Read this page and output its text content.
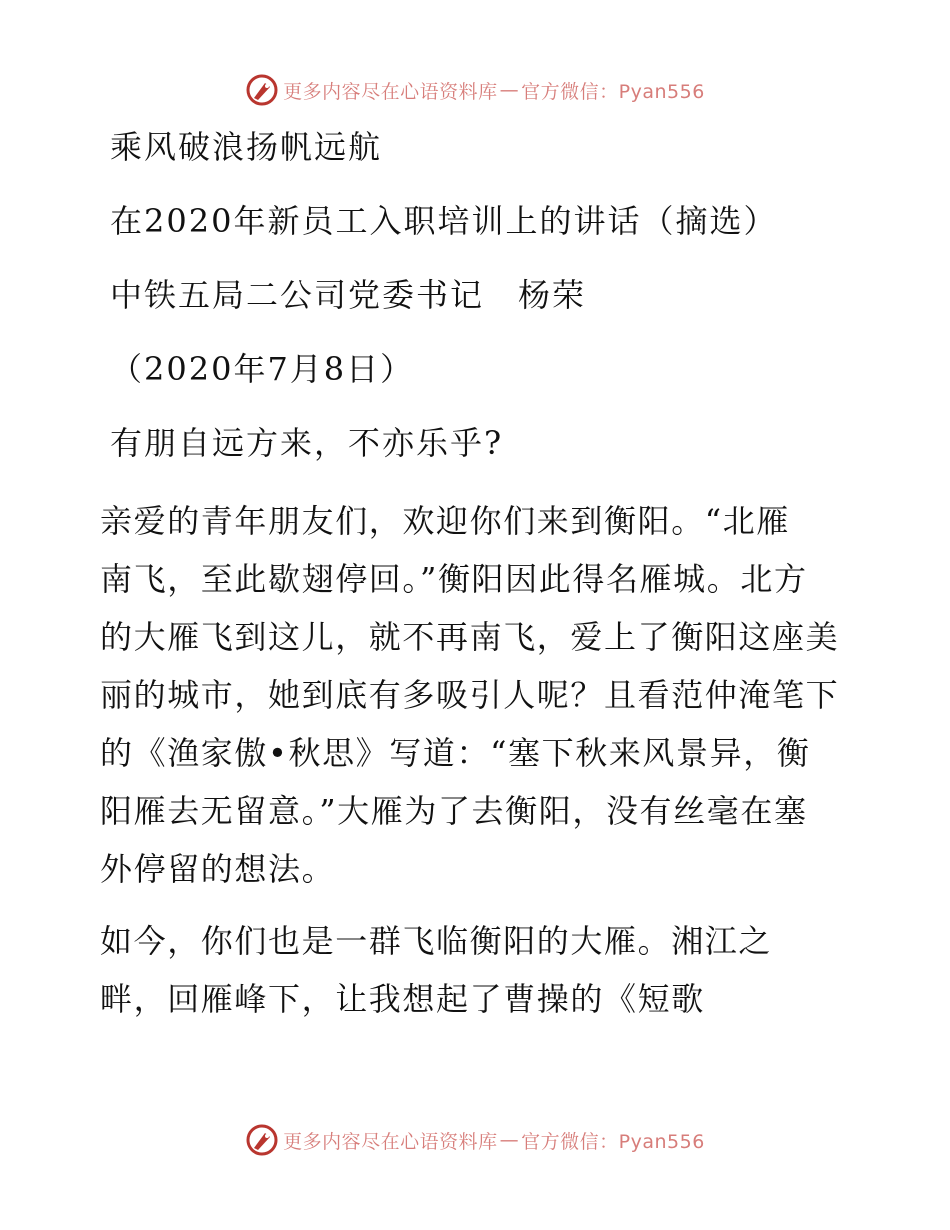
更多内容尽在心语资料库 — 官方微信：Pyan556
乘风破浪扬帆远航
在2020年新员工入职培训上的讲话（摘选）
中铁五局二公司党委书记　杨荣
（2020年7月8日）
有朋自远方来，不亦乐乎?
亲爱的青年朋友们，欢迎你们来到衡阳。“北雁
南飞，至此歇翅停回。”衡阳因此得名雁城。北方
的大雁飞到这儿，就不再南飞，爱上了衡阳这座美
丽的城市，她到底有多吸引人呢？且看范仲淹笔下
的《渔家傲•秋思》写道：“塞下秋来风景异，衡
阳雁去无留意。”大雁为了去衡阳，没有丝毫在塞
外停留的想法。
如今，你们也是一群飞临衡阳的大雁。湘江之
畔，回雁峰下，让我想起了曹操的《短歌
更多内容尽在心语资料库 — 官方微信：Pyan556
